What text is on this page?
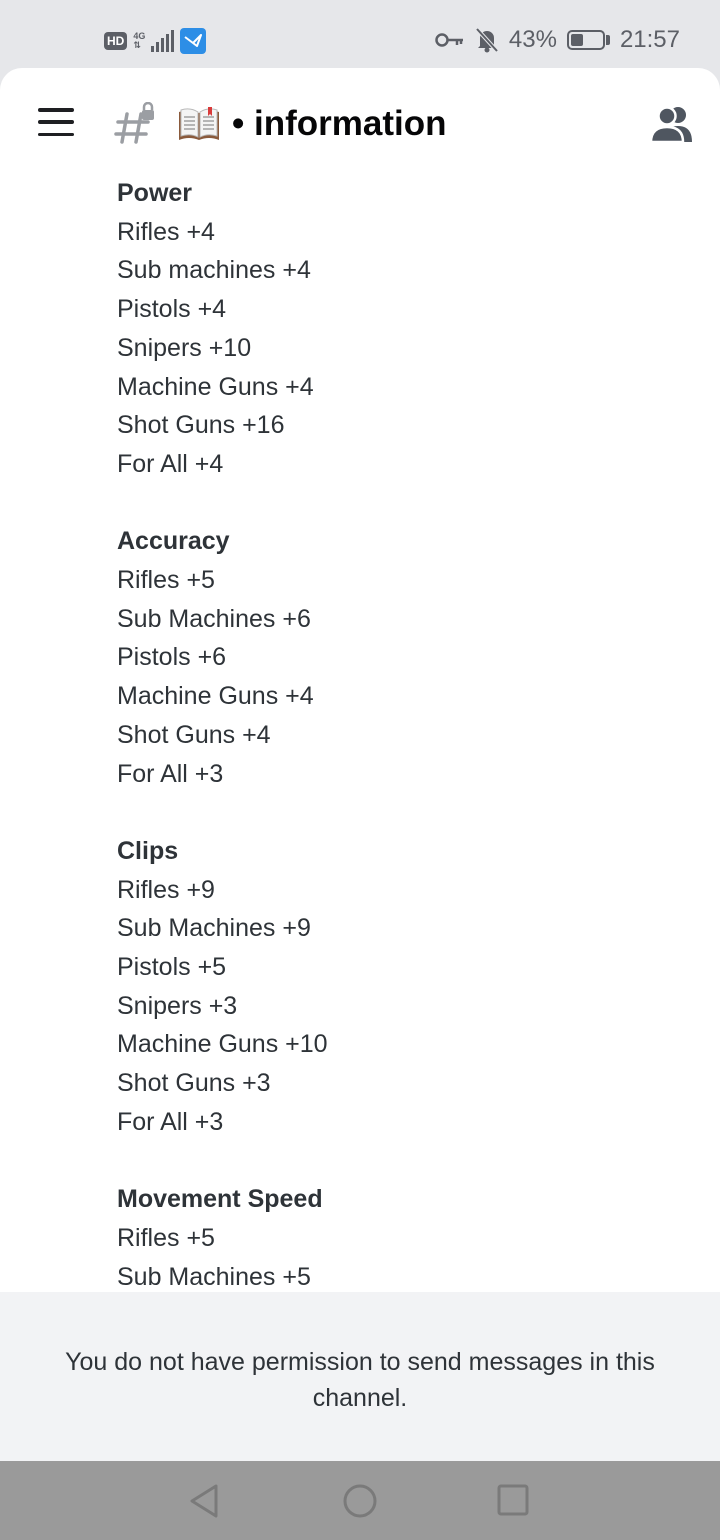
HD	4G
⇅	43%	21:57
• information
Power
Rifles +4
Sub machines +4
Pistols +4
Snipers +10
Machine Guns +4
Shot Guns +16
For All +4
Accuracy
Rifles +5
Sub Machines +6
Pistols +6
Machine Guns +4
Shot Guns +4
For All +3
Clips
Rifles +9
Sub Machines +9
Pistols +5
Snipers +3
Machine Guns +10
Shot Guns +3
For All +3
Movement Speed
Rifles +5
Sub Machines +5
You do not have permission to send messages in this channel.
